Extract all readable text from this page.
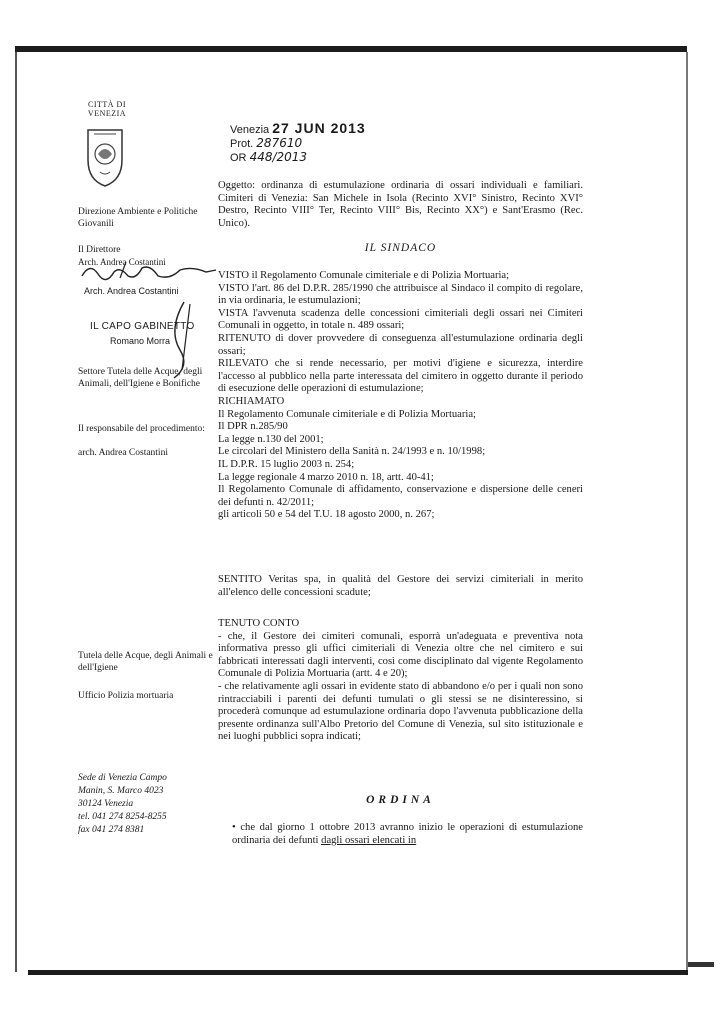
CITTÀ DI
VENEZIA
Direzione Ambiente e Politiche Giovanili
Il Direttore
Arch. Andrea Costantini
Arch. Andrea Costantini
IL CAPO GABINETTO
Romano Morra
Settore Tutela delle Acque, degli Animali, dell'Igiene e Bonifiche
Il responsabile del procedimento:
arch. Andrea Costantini
Tutela delle Acque, degli Animali e dell'Igiene
Ufficio Polizia mortuaria
Sede di Venezia Campo
Manin, S. Marco 4023
30124 Venezia
tel. 041 274 8254-8255
fax 041 274 8381
Venezia 27 JUN 2013
Prot. 287610
OR 448/2013

Oggetto: ordinanza di estumulazione ordinaria di ossari individuali e familiari. Cimiteri di Venezia: San Michele in Isola (Recinto XVI° Sinistro, Recinto XVI° Destro, Recinto VIII° Ter, Recinto VIII° Bis, Recinto XX°) e Sant'Erasmo (Rec. Unico).

IL SINDACO

VISTO il Regolamento Comunale cimiteriale e di Polizia Mortuaria;

VISTO l'art. 86 del D.P.R. 285/1990 che attribuisce al Sindaco il compito di regolare, in via ordinaria, le estumulazioni;

VISTA l'avvenuta scadenza delle concessioni cimiteriali degli ossari nei Cimiteri Comunali in oggetto, in totale n. 489 ossari;

RITENUTO di dover provvedere di conseguenza all'estumulazione ordinaria degli ossari;

RILEVATO che si rende necessario, per motivi d'igiene e sicurezza, interdire l'accesso al pubblico nella parte interessata del cimitero in oggetto durante il periodo di esecuzione delle operazioni di estumulazione;

RICHIAMATO

Il Regolamento Comunale cimiteriale e di Polizia Mortuaria;

Il DPR n.285/90

La legge n.130 del 2001;

Le circolari del Ministero della Sanità n. 24/1993 e n. 10/1998;

IL D.P.R. 15 luglio 2003 n. 254;

La legge regionale 4 marzo 2010 n. 18, artt. 40-41;

Il Regolamento Comunale di affidamento, conservazione e dispersione delle ceneri dei defunti n. 42/2011;

gli articoli 50 e 54 del T.U. 18 agosto 2000, n. 267;

SENTITO Veritas spa, in qualità del Gestore dei servizi cimiteriali in merito all'elenco delle concessioni scadute;

TENUTO CONTO

- che, il Gestore dei cimiteri comunali, esporrà un'adeguata e preventiva nota informativa presso gli uffici cimiteriali di Venezia oltre che nel cimitero e sui fabbricati interessati dagli interventi, così come disciplinato dal vigente Regolamento Comunale di Polizia Mortuaria (artt. 4 e 20);

- che relativamente agli ossari in evidente stato di abbandono e/o per i quali non sono rintracciabili i parenti dei defunti tumulati o gli stessi se ne disinteressino, si procederà comunque ad estumulazione ordinaria dopo l'avvenuta pubblicazione della presente ordinanza sull'Albo Pretorio del Comune di Venezia, sul sito istituzionale e nei luoghi pubblici sopra indicati;

ORDINA

• che dal giorno 1 ottobre 2013 avranno inizio le operazioni di estumulazione ordinaria dei defunti dagli ossari elencati in
